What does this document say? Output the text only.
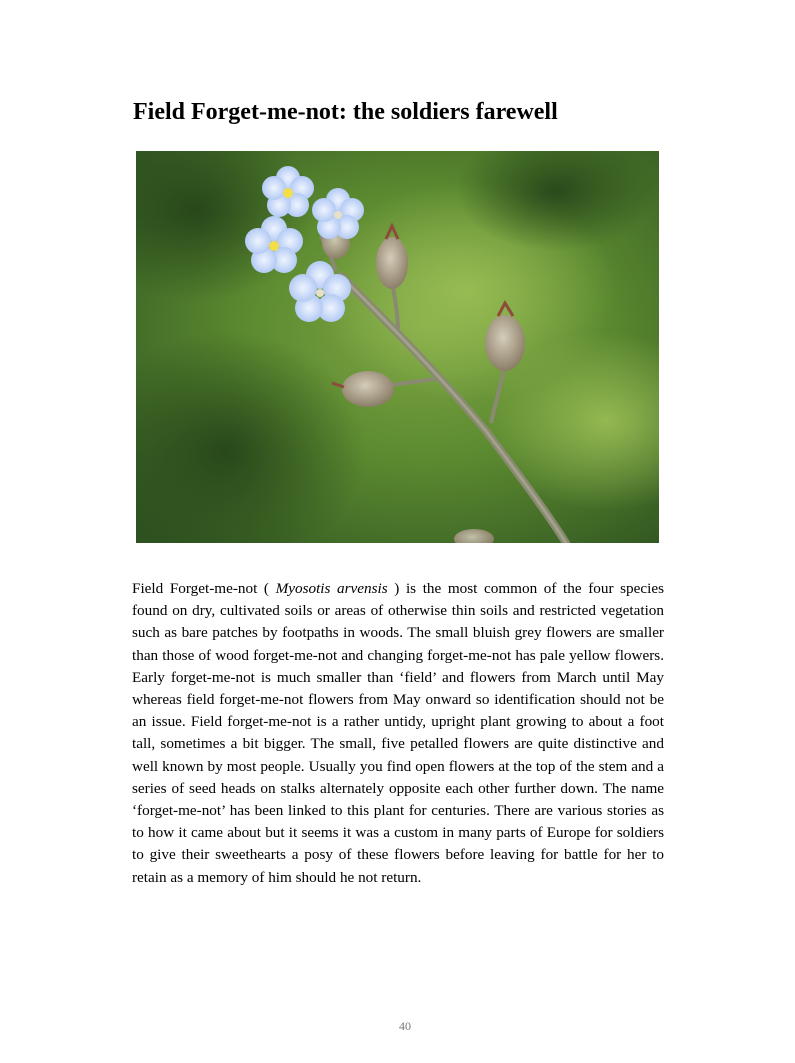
Field Forget-me-not: the soldiers farewell

Field Forget-me-not ( Myosotis arvensis ) is the most common of the four species found on dry, cultivated soils or areas of otherwise thin soils and restricted vegetation such as bare patches by footpaths in woods. The small bluish grey flowers are smaller than those of wood forget-me-not and changing forget-me-not has pale yellow flowers. Early forget-me-not is much smaller than ‘field’ and flowers from March until May whereas field forget-me-not flowers from May onward so identification should not be an issue. Field forget-me-not is a rather untidy, upright plant growing to about a foot tall, sometimes a bit bigger. The small, five petalled flowers are quite distinctive and well known by most people. Usually you find open flowers at the top of the stem and a series of seed heads on stalks alternately opposite each other further down. The name ‘forget-me-not’ has been linked to this plant for centuries. There are various stories as to how it came about but it seems it was a custom in many parts of Europe for soldiers to give their sweethearts a posy of these flowers before leaving for battle for her to retain as a memory of him should he not return.

40
